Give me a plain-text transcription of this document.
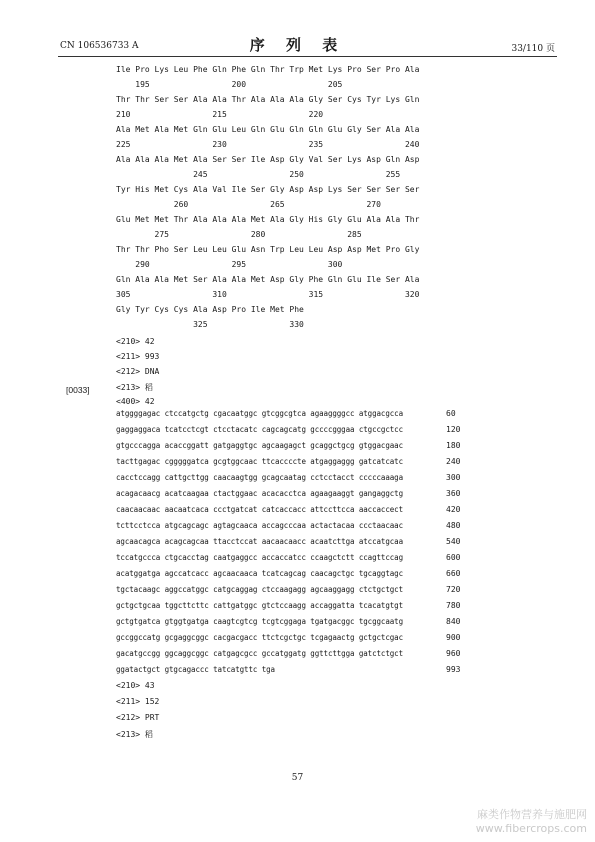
CN 106536733 A	序 列 表	33/110 页
Ile Pro Lys Leu Phe Gln Phe Gln Thr Trp Met Lys Pro Ser Pro Ala
195                 200                 205
Thr Thr Ser Ser Ala Ala Thr Ala Ala Ala Gly Ser Cys Tyr Lys Gln
210                 215                 220
Ala Met Ala Met Gln Glu Leu Gln Glu Gln Gln Glu Gly Ser Ala Ala
225                 230                 235                 240
Ala Ala Ala Met Ala Ser Ser Ile Asp Gly Val Ser Lys Asp Gln Asp
245                 250                 255
Tyr His Met Cys Ala Val Ile Ser Gly Asp Asp Lys Ser Ser Ser Ser
260                 265                 270
Glu Met Met Thr Ala Ala Ala Met Ala Gly His Gly Glu Ala Ala Thr
275                 280                 285
Thr Thr Pho Ser Leu Leu Glu Asn Trp Leu Leu Asp Asp Met Pro Gly
290                 295                 300
Gln Ala Ala Met Ser Ala Ala Met Asp Gly Phe Gln Glu Ile Ser Ala
305                 310                 315                 320
Gly Tyr Cys Cys Ala Asp Pro Ile Met Phe
325                 330
<210> 42
<211> 993
<212> DNA
<213> 稻
<400> 42
[0033]
atggggagac ctccatgctg cgacaatggc gtcggcgtca agaaggggcc atggacgcca	60
gaggaggaca tcatcctcgt ctcctacatc cagcagcatg gccccgggaa ctgccgctcc	120
gtgcccagga acaccggatt gatgaggtgc agcaagagct gcaggctgcg gtggacgaac	180
tacttgagac cgggggatca gcgtggcaac ttcaccccte atgaggaggg gatcatcatc	240
cacctccagg cattgcttgg caacaagtgg gcagcaatag cctcctacct cccccaaaga	300
acagacaacg acatcaagaa ctactggaac acacacctca agaagaaggt gangaggctg	360
caacaacaac aacaatcaca ccctgatcat catcaccacc attccttcca aaccaccect	420
tcttcctcca atgcagcagc agtagcaaca accagcccaa actactacaa ccctaacaac	480
agcaacagca acagcagcaa ttacctccat aacaacaacc acaatcttga atccatgcaa	540
tccatgccca ctgcacctag caatgaggcc accaccatcc ccaagctctt ccagttccag	600
acatggatga agccatcacc agcaacaaca tcatcagcag caacagctgc tgcaggtagc	660
tgctacaagc aggccatggc catgcaggag ctccaagagg agcaaggagg ctctgctgct	720
gctgctgcaa tggcttcttc cattgatggc gtctccaagg accaggatta tcacatgtgt	780
gctgtgatca gtggtgatga caagtcgtcg tcgtcggaga tgatgacggc tgcggcaatg	840
gccggccatg gcgaggcggc cacgacgacc ttctcgctgc tcgagaactg gctgctcgac	900
gacatgccgg ggcaggcggc catgagcgcc gccatggatg ggttcttgga gatctctgct	960
ggatactgct gtgcagaccc tatcatgttc tga	993
<210> 43
<211> 152
<212> PRT
<213> 稻
57
麻类作物营养与施肥网
www.fibercrops.com
